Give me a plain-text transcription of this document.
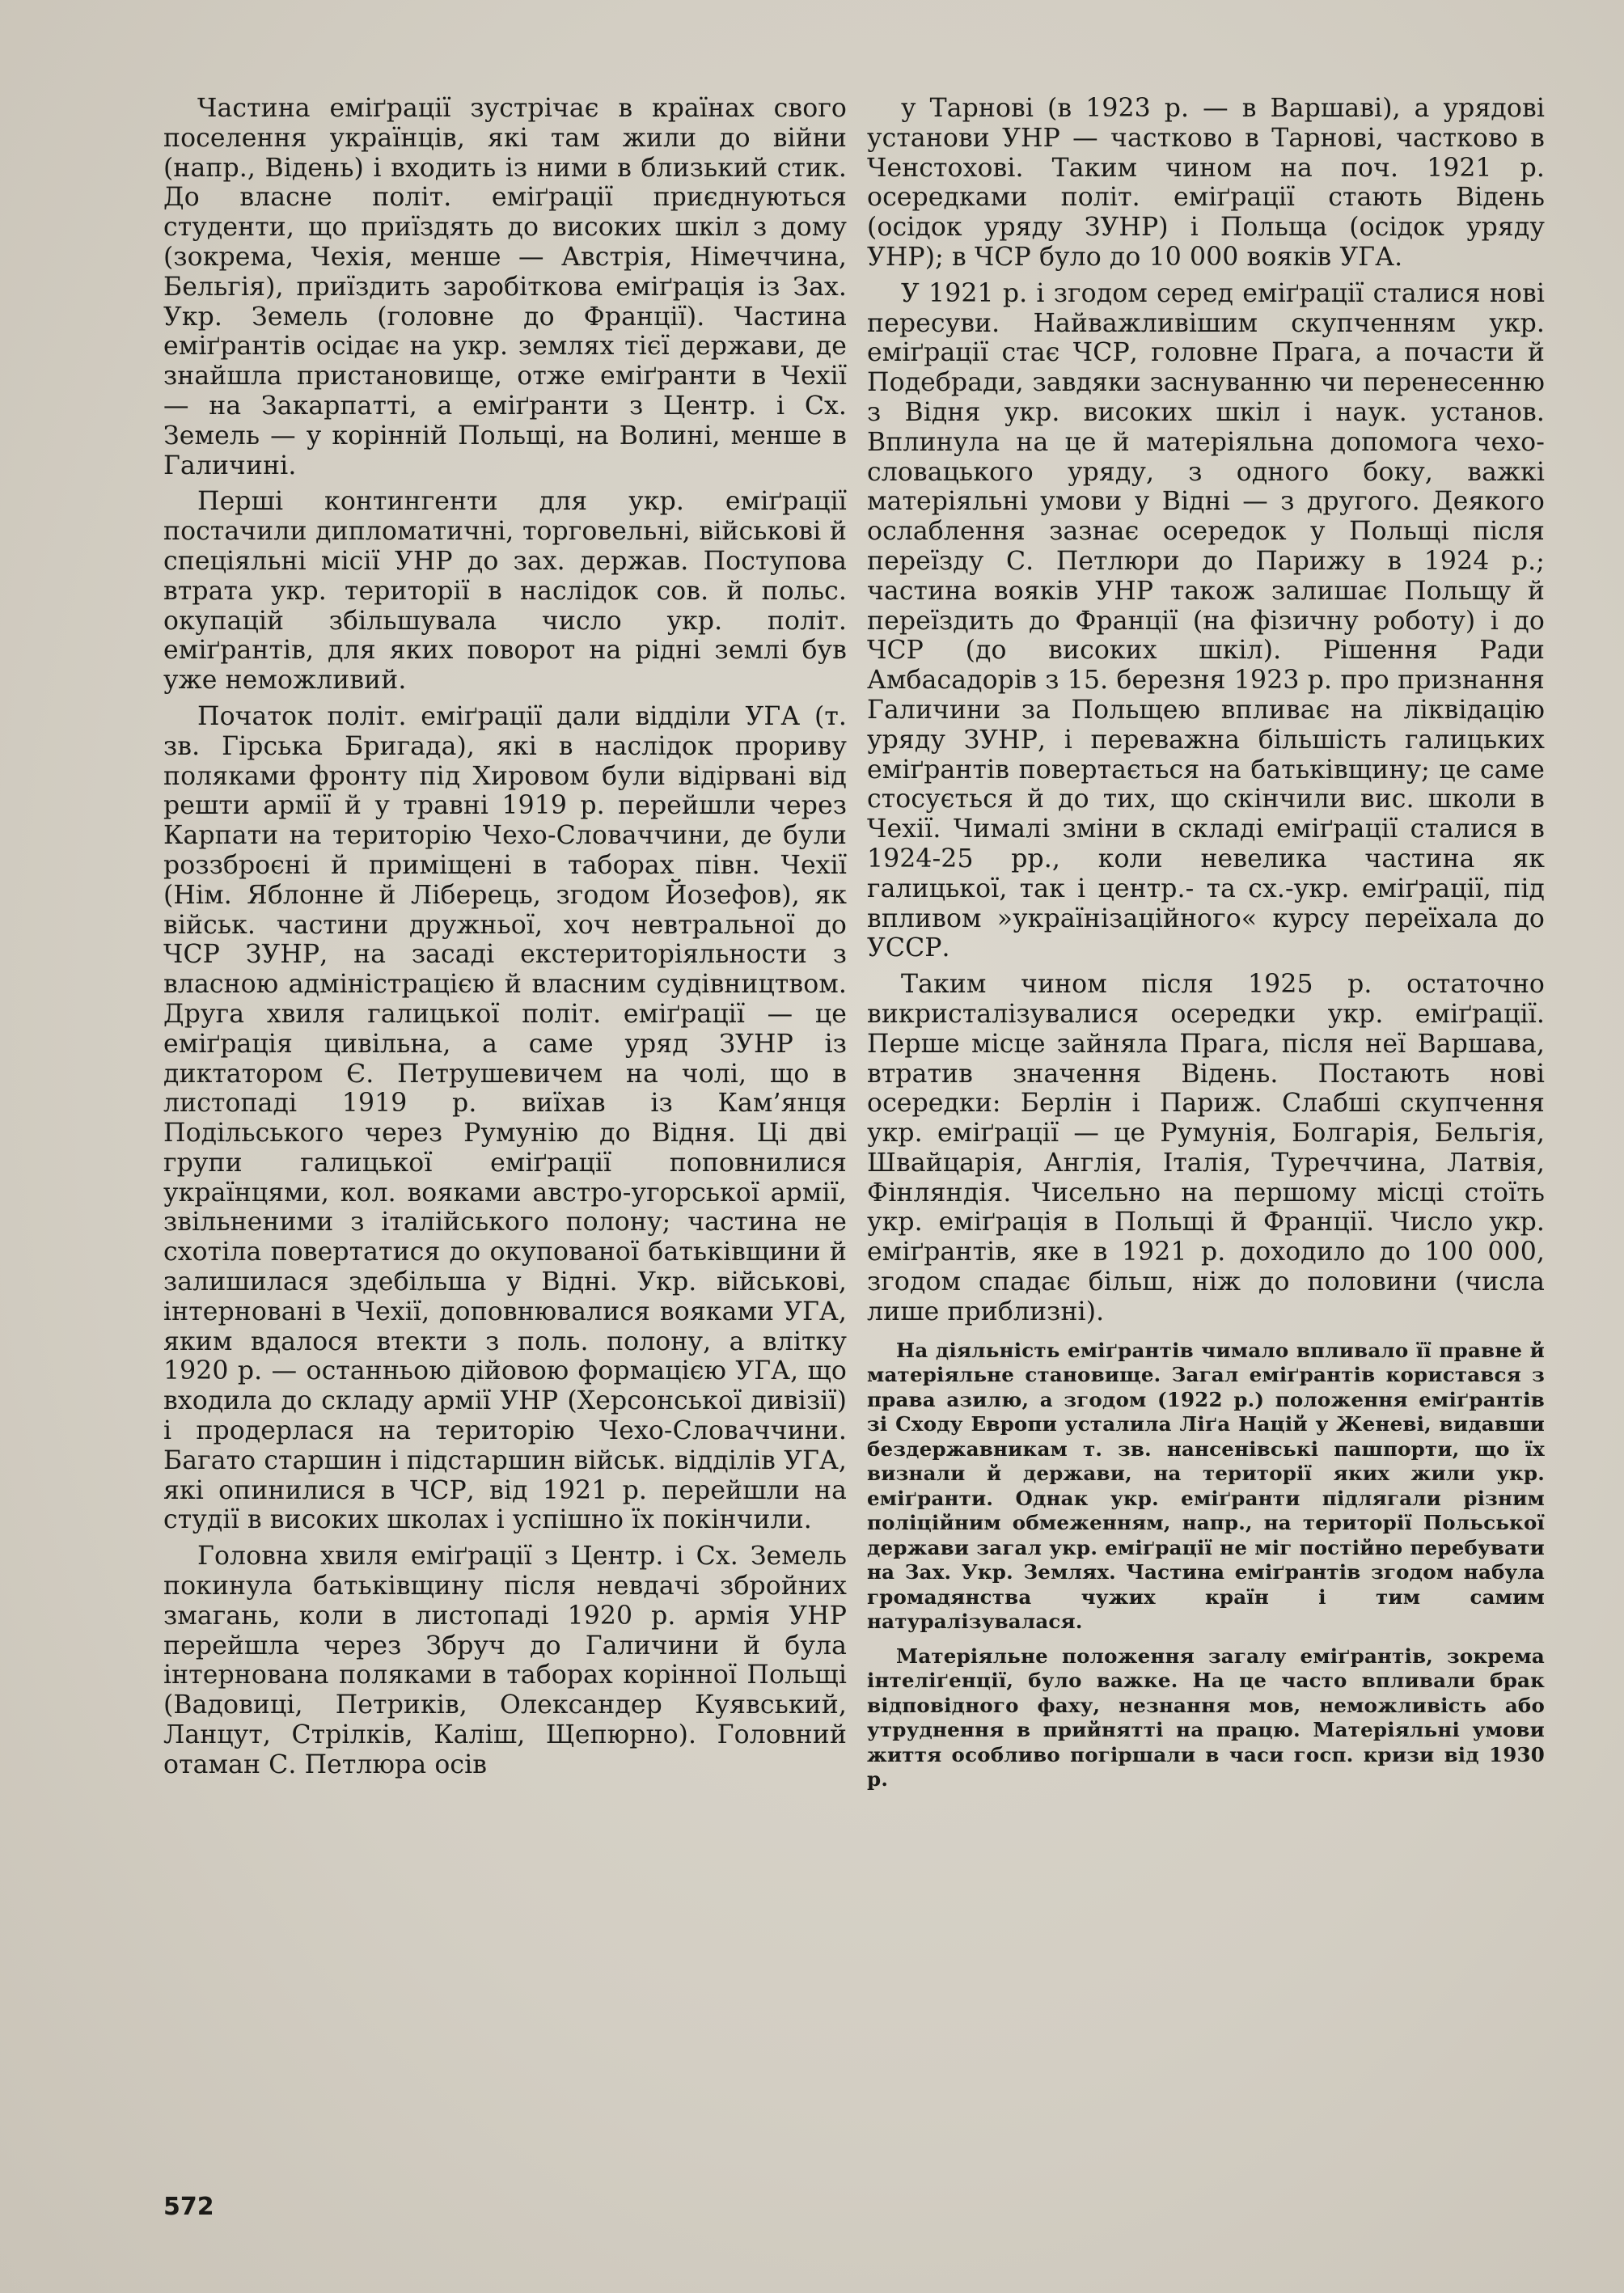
Частина еміґрації зустрічає в країнах свого поселення українців, які там жили до війни (напр., Відень) і входить із ними в близький стик. До власне політ. еміґрації приєднуються студенти, що приїздять до високих шкіл з дому (зокрема, Чехія, менше — Австрія, Німеччина, Бельгія), приїздить заробіткова еміґрація із Зах. Укр. Земель (головне до Франції). Частина еміґрантів осідає на укр. землях тієї держави, де знайшла пристановище, отже еміґранти в Чехії — на Закарпатті, а еміґранти з Центр. і Сх. Земель — у корінній Польщі, на Волині, менше в Галичині.

Перші контингенти для укр. еміґрації постачили дипломатичні, торговельні, військові й спеціяльні місії УНР до зах. держав. Поступова втрата укр. території в наслідок сов. й польс. окупацій збільшувала число укр. політ. еміґрантів, для яких поворот на рідні землі був уже неможливий.

Початок політ. еміґрації дали відділи УГА (т. зв. Гірська Бригада), які в наслідок прориву поляками фронту під Хировом були відірвані від решти армії й у травні 1919 р. перейшли через Карпати на територію Чехо-Словаччини, де були роззброєні й приміщені в таборах півн. Чехії (Нім. Яблонне й Ліберець, згодом Йозефов), як військ. частини дружньої, хоч невтральної до ЧСР ЗУНР, на засаді екстериторіяльности з власною адміністрацією й власним судівництвом. Друга хвиля галицької політ. еміґрації — це еміґрація цивільна, а саме уряд ЗУНР із диктатором Є. Петрушевичем на чолі, що в листопаді 1919 р. виїхав із Кам’янця Подільського через Румунію до Відня. Ці дві групи галицької еміґрації поповнилися українцями, кол. вояками австро-угорської армії, звільненими з італійського полону; частина не схотіла повертатися до окупованої батьківщини й залишилася здебільша у Відні. Укр. військові, інтерновані в Чехії, доповнювалися вояками УГА, яким вдалося втекти з поль. полону, а влітку 1920 р. — останньою дійовою формацією УГА, що входила до складу армії УНР (Херсонської дивізії) і продерлася на територію Чехо-Словаччини. Багато старшин і підстаршин військ. відділів УГА, які опинилися в ЧСР, від 1921 р. перейшли на студії в високих школах і успішно їх покінчили.

Головна хвиля еміґрації з Центр. і Сх. Земель покинула батьківщину після невдачі збройних змагань, коли в листопаді 1920 р. армія УНР перейшла через Збруч до Галичини й була інтернована поляками в таборах корінної Польщі (Вадовиці, Петриків, Олександер Куявський, Ланцут, Стрілків, Каліш, Щепюрно). Головний отаман С. Петлюра осів

у Тарнові (в 1923 р. — в Варшаві), а урядові установи УНР — частково в Тарнові, частково в Ченстохові. Таким чином на поч. 1921 р. осередками політ. еміґрації стають Відень (осідок уряду ЗУНР) і Польща (осідок уряду УНР); в ЧСР було до 10 000 вояків УГА.

У 1921 р. і згодом серед еміґрації сталися нові пересуви. Найважливішим скупченням укр. еміґрації стає ЧСР, головне Прага, а почасти й Подебради, завдяки заснуванню чи перенесенню з Відня укр. високих шкіл і наук. установ. Вплинула на це й матеріяльна допомога чехо-словацького уряду, з одного боку, важкі матеріяльні умови у Відні — з другого. Деякого ослаблення зазнає осередок у Польщі після переїзду С. Петлюри до Парижу в 1924 р.; частина вояків УНР також залишає Польщу й переїздить до Франції (на фізичну роботу) і до ЧСР (до високих шкіл). Рішення Ради Амбасадорів з 15. березня 1923 р. про признання Галичини за Польщею впливає на ліквідацію уряду ЗУНР, і переважна більшість галицьких еміґрантів повертається на батьківщину; це саме стосується й до тих, що скінчили вис. школи в Чехії. Чималі зміни в складі еміґрації сталися в 1924-25 рр., коли невелика частина як галицької, так і центр.- та сх.-укр. еміґрації, під впливом »українізаційного« курсу переїхала до УССР.

Таким чином після 1925 р. остаточно викристалізувалися осередки укр. еміґрації. Перше місце зайняла Прага, після неї Варшава, втратив значення Відень. Постають нові осередки: Берлін і Париж. Слабші скупчення укр. еміґрації — це Румунія, Болгарія, Бельгія, Швайцарія, Англія, Італія, Туреччина, Латвія, Фінляндія. Чисельно на першому місці стоїть укр. еміґрація в Польщі й Франції. Число укр. еміґрантів, яке в 1921 р. доходило до 100 000, згодом спадає більш, ніж до половини (числа лише приблизні).

На діяльність еміґрантів чимало впливало її правне й матеріяльне становище. Загал еміґрантів користався з права азилю, а згодом (1922 р.) положення еміґрантів зі Сходу Европи усталила Ліґа Націй у Женеві, видавши бездержавникам т. зв. нансенівські пашпорти, що їх визнали й держави, на території яких жили укр. еміґранти. Однак укр. еміґранти підлягали різним поліційним обмеженням, напр., на території Польської держави загал укр. еміґрації не міг постійно перебувати на Зах. Укр. Землях. Частина еміґрантів згодом набула громадянства чужих країн і тим самим натуралізувалася.

Матеріяльне положення загалу еміґрантів, зокрема інтеліґенції, було важке. На це часто впливали брак відповідного фаху, незнання мов, неможливість або утруднення в прийнятті на працю. Матеріяльні умови життя особливо погіршали в часи госп. кризи від 1930 р.

572
